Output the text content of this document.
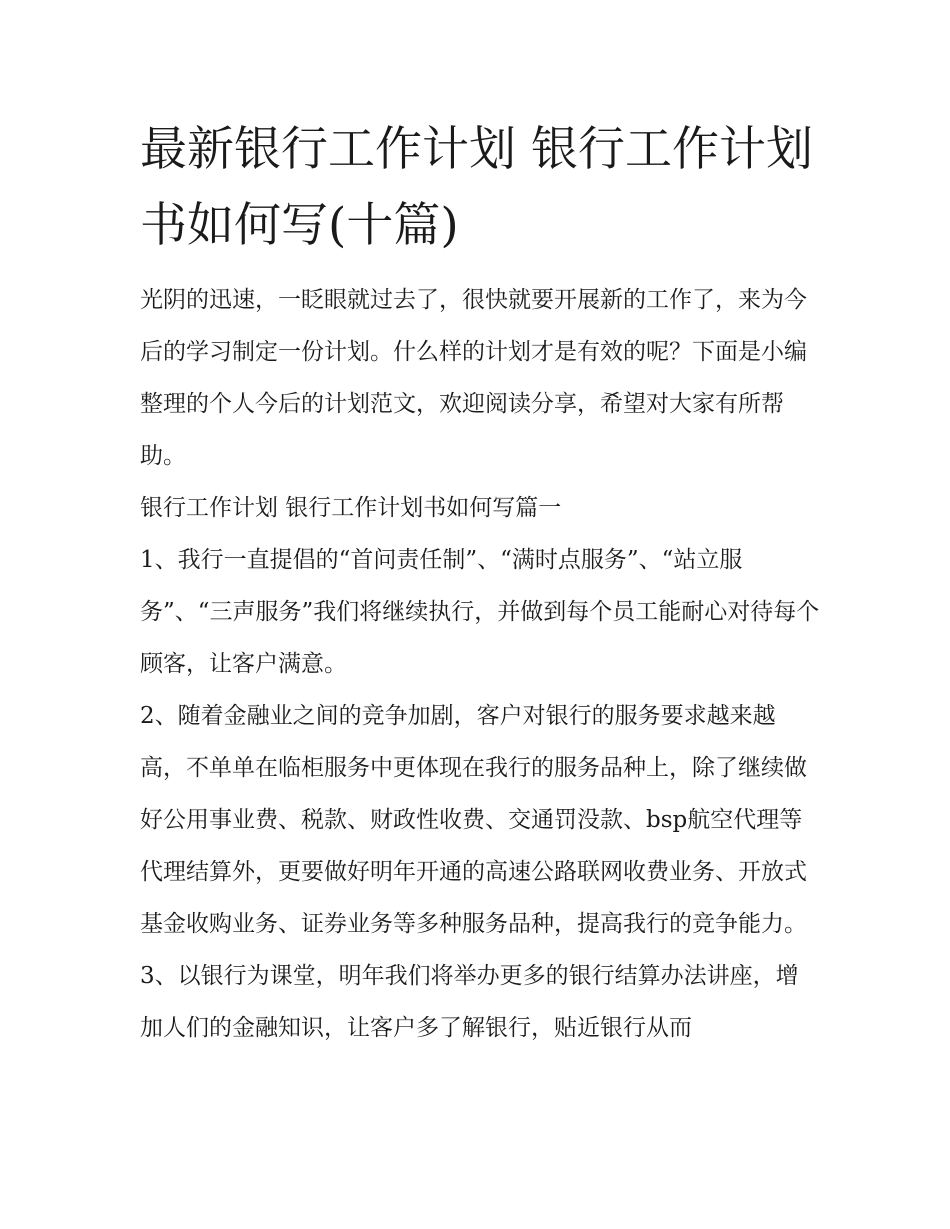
最新银行工作计划 银行工作计划书如何写(十篇)

光阴的迅速，一眨眼就过去了，很快就要开展新的工作了，来为今后的学习制定一份计划。什么样的计划才是有效的呢？下面是小编整理的个人今后的计划范文，欢迎阅读分享，希望对大家有所帮助。

银行工作计划 银行工作计划书如何写篇一

1、我行一直提倡的“首问责任制”、“满时点服务”、“站立服务”、“三声服务”我们将继续执行，并做到每个员工能耐心对待每个顾客，让客户满意。

2、随着金融业之间的竞争加剧，客户对银行的服务要求越来越高，不单单在临柜服务中更体现在我行的服务品种上，除了继续做好公用事业费、税款、财政性收费、交通罚没款、bsp航空代理等代理结算外，更要做好明年开通的高速公路联网收费业务、开放式基金收购业务、证券业务等多种服务品种，提高我行的竞争能力。

3、以银行为课堂，明年我们将举办更多的银行结算办法讲座，增加人们的金融知识，让客户多了解银行，贴近银行从而
